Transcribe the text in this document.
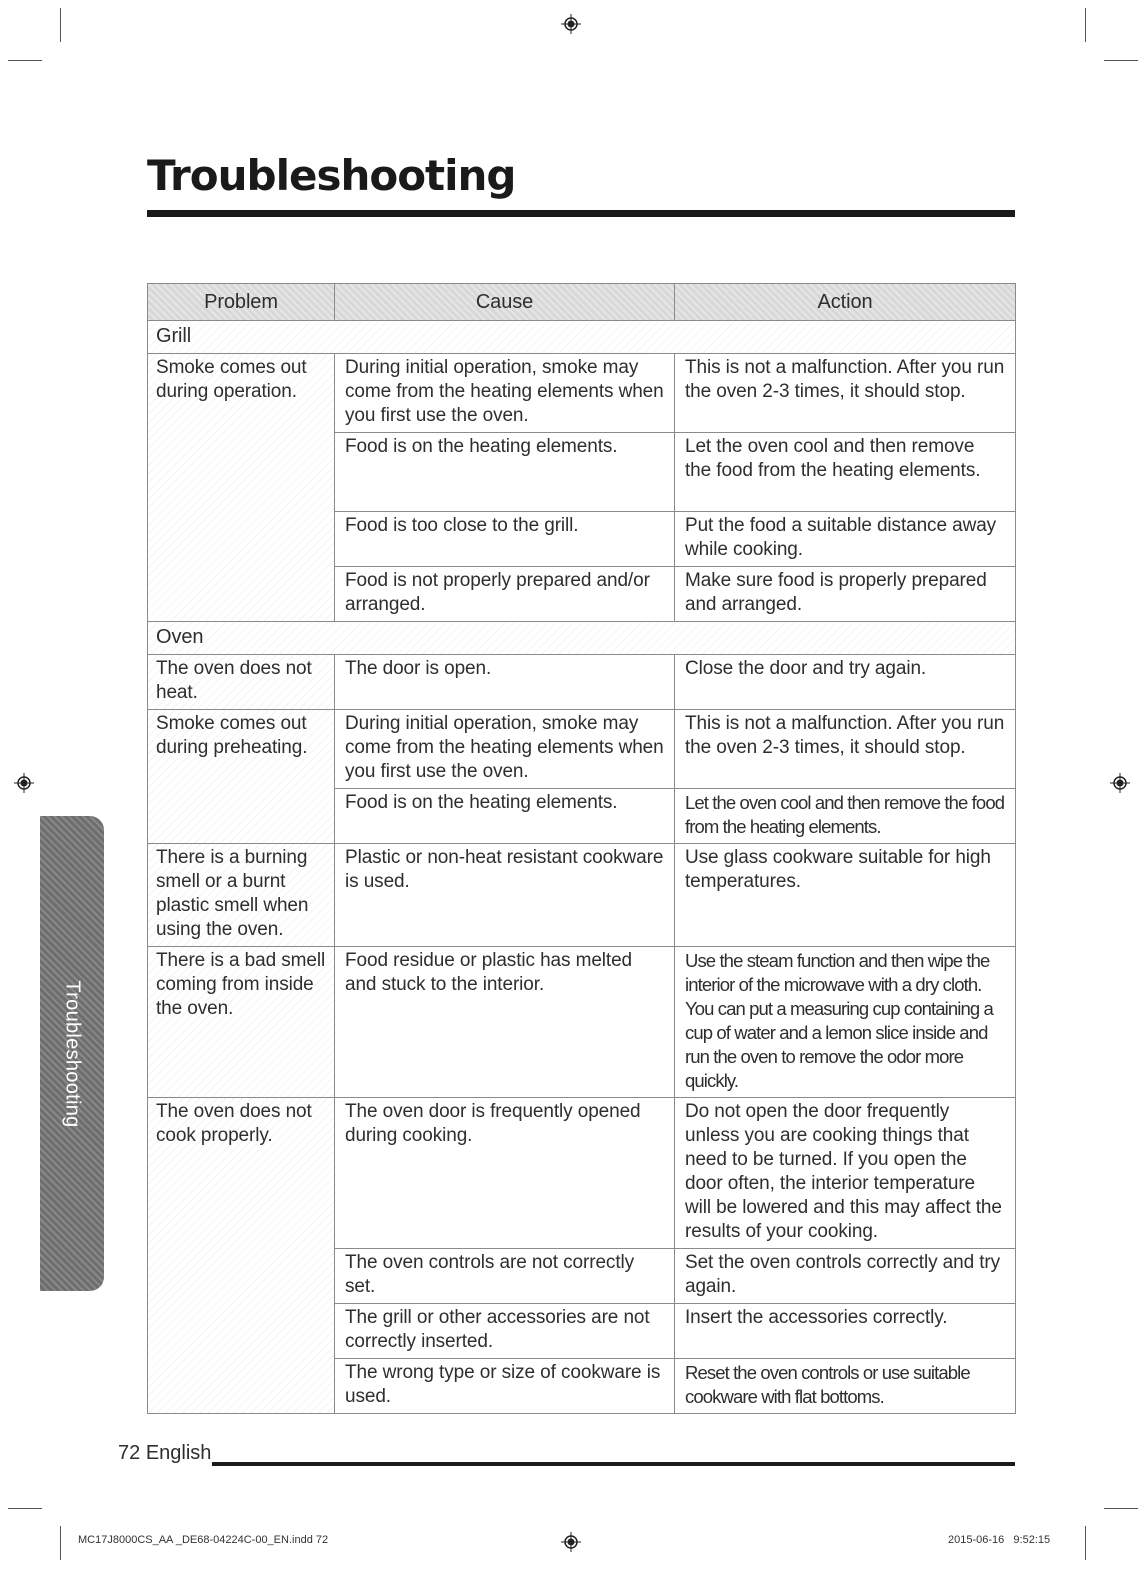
Troubleshooting
Problem	Cause	Action
Grill		
Smoke comes out during operation.	During initial operation, smoke may come from the heating elements when you first use the oven.	This is not a malfunction. After you run the oven 2-3 times, it should stop.
	Food is on the heating elements.	Let the oven cool and then remove the food from the heating elements.
	Food is too close to the grill.	Put the food a suitable distance away while cooking.
	Food is not properly prepared and/or arranged.	Make sure food is properly prepared and arranged.
Oven		
The oven does not heat.	The door is open.	Close the door and try again.
Smoke comes out during preheating.	During initial operation, smoke may come from the heating elements when you first use the oven.	This is not a malfunction. After you run the oven 2-3 times, it should stop.
	Food is on the heating elements.	Let the oven cool and then remove the food from the heating elements.
There is a burning smell or a burnt plastic smell when using the oven.	Plastic or non-heat resistant cookware is used.	Use glass cookware suitable for high temperatures.
There is a bad smell coming from inside the oven.	Food residue or plastic has melted and stuck to the interior.	Use the steam function and then wipe the interior of the microwave with a dry cloth. You can put a measuring cup containing a cup of water and a lemon slice inside and run the oven to remove the odor more quickly.
The oven does not cook properly.	The oven door is frequently opened during cooking.	Do not open the door frequently unless you are cooking things that need to be turned. If you open the door often, the interior temperature will be lowered and this may affect the results of your cooking.
	The oven controls are not correctly set.	Set the oven controls correctly and try again.
	The grill or other accessories are not correctly inserted.	Insert the accessories correctly.
	The wrong type or size of cookware is used.	Reset the oven controls or use suitable cookware with flat bottoms.
Troubleshooting
72 English
MC17J8000CS_AA _DE68-04224C-00_EN.indd 72	2015-06-16   9:52:15
